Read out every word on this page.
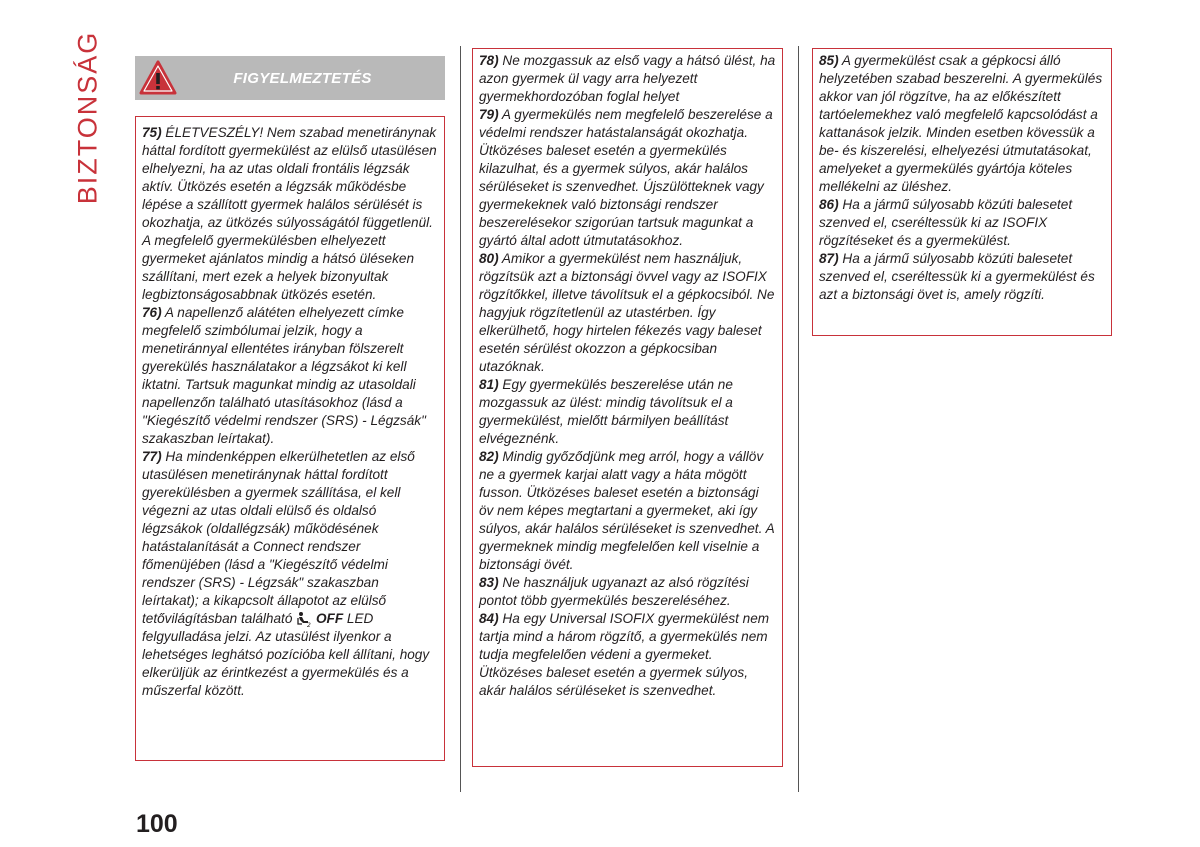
BIZTONSÁG	FIGYELMEZTETÉS

75) ÉLETVESZÉLY! Nem szabad menetiránynak háttal fordított gyermekülést az elülső utasülésen elhelyezni, ha az utas oldali frontális légzsák aktív. Ütközés esetén a légzsák működésbe lépése a szállított gyermek halálos sérülését is okozhatja, az ütközés súlyosságától függetlenül. A megfelelő gyermekülésben elhelyezett gyermeket ajánlatos mindig a hátsó üléseken szállítani, mert ezek a helyek bizonyultak legbiztonságosabbnak ütközés esetén.

76) A napellenző alátéten elhelyezett címke megfelelő szimbólumai jelzik, hogy a menetiránnyal ellentétes irányban fölszerelt gyerekülés használatakor a légzsákot ki kell iktatni. Tartsuk magunkat mindig az utasoldali napellenzőn található utasításokhoz (lásd a "Kiegészítő védelmi rendszer (SRS) - Légzsák" szakaszban leírtakat).

77) Ha mindenképpen elkerülhetetlen az első utasülésen menetiránynak háttal fordított gyerekülésben a gyermek szállítása, el kell végezni az utas oldali elülső és oldalsó légzsákok (oldallégzsák) működésének hatástalanítását a Connect rendszer főmenüjében (lásd a "Kiegészítő védelmi rendszer (SRS) - Légzsák" szakaszban leírtakat); a kikapcsolt állapotot az elülső tetővilágításban található 2 OFF LED felgyulladása jelzi. Az utasülést ilyenkor a lehetséges leghátsó pozícióba kell állítani, hogy elkerüljük az érintkezést a gyermekülés és a műszerfal között.

78) Ne mozgassuk az első vagy a hátsó ülést, ha azon gyermek ül vagy arra helyezett gyermekhordozóban foglal helyet

79) A gyermekülés nem megfelelő beszerelése a védelmi rendszer hatástalanságát okozhatja. Ütközéses baleset esetén a gyermekülés kilazulhat, és a gyermek súlyos, akár halálos sérüléseket is szenvedhet. Újszülötteknek vagy gyermekeknek való biztonsági rendszer beszerelésekor szigorúan tartsuk magunkat a gyártó által adott útmutatásokhoz.

80) Amikor a gyermekülést nem használjuk, rögzítsük azt a biztonsági övvel vagy az ISOFIX rögzítőkkel, illetve távolítsuk el a gépkocsiból. Ne hagyjuk rögzítetlenül az utastérben. Így elkerülhető, hogy hirtelen fékezés vagy baleset esetén sérülést okozzon a gépkocsiban utazóknak.

81) Egy gyermekülés beszerelése után ne mozgassuk az ülést: mindig távolítsuk el a gyermekülést, mielőtt bármilyen beállítást elvégeznénk.

82) Mindig győződjünk meg arról, hogy a vállöv ne a gyermek karjai alatt vagy a háta mögött fusson. Ütközéses baleset esetén a biztonsági öv nem képes megtartani a gyermeket, aki így súlyos, akár halálos sérüléseket is szenvedhet. A gyermeknek mindig megfelelően kell viselnie a biztonsági övét.

83) Ne használjuk ugyanazt az alsó rögzítési pontot több gyermekülés beszereléséhez.

84) Ha egy Universal ISOFIX gyermekülést nem tartja mind a három rögzítő, a gyermekülés nem tudja megfelelően védeni a gyermeket. Ütközéses baleset esetén a gyermek súlyos, akár halálos sérüléseket is szenvedhet.

85) A gyermekülést csak a gépkocsi álló helyzetében szabad beszerelni. A gyermekülés akkor van jól rögzítve, ha az előkészített tartóelemekhez való megfelelő kapcsolódást a kattanások jelzik. Minden esetben kövessük a be- és kiszerelési, elhelyezési útmutatásokat, amelyeket a gyermekülés gyártója köteles mellékelni az üléshez.

86) Ha a jármű súlyosabb közúti balesetet szenved el, cseréltessük ki az ISOFIX rögzítéseket és a gyermekülést.

87) Ha a jármű súlyosabb közúti balesetet szenved el, cseréltessük ki a gyermekülést és azt a biztonsági övet is, amely rögzíti.

100
